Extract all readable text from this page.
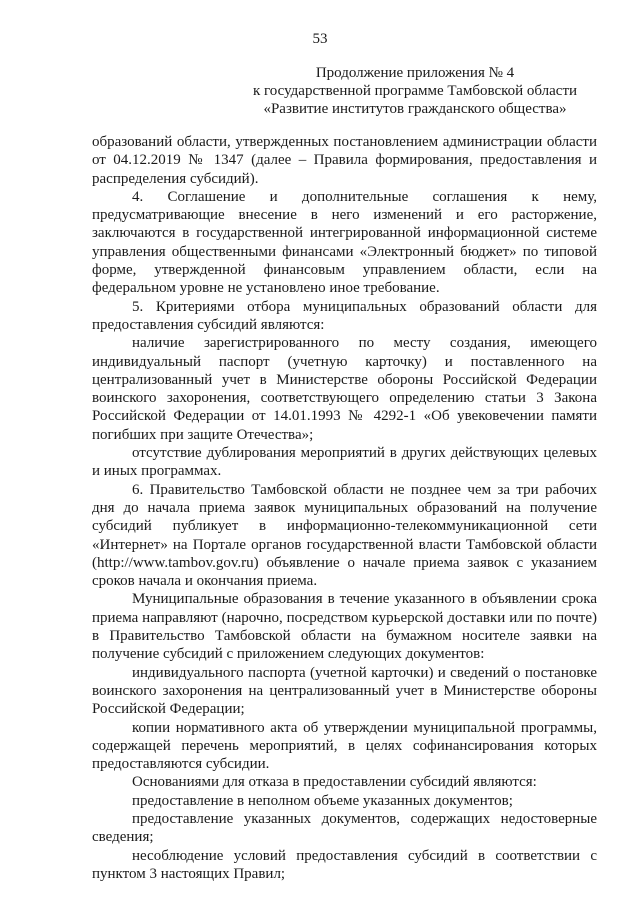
53
Продолжение приложения № 4
к государственной программе Тамбовской области
«Развитие институтов гражданского общества»

образований области, утвержденных постановлением администрации области от 04.12.2019 № 1347 (далее – Правила формирования, предоставления и распределения субсидий).

4. Соглашение и дополнительные соглашения к нему, предусматривающие внесение в него изменений и его расторжение, заключаются в государственной интегрированной информационной системе управления общественными финансами «Электронный бюджет» по типовой форме, утвержденной финансовым управлением области, если на федеральном уровне не установлено иное требование.

5. Критериями отбора муниципальных образований области для предоставления субсидий являются:

наличие зарегистрированного по месту создания, имеющего индивидуальный паспорт (учетную карточку) и поставленного на централизованный учет в Министерстве обороны Российской Федерации воинского захоронения, соответствующего определению статьи 3 Закона Российской Федерации от 14.01.1993 № 4292-1 «Об увековечении памяти погибших при защите Отечества»;

отсутствие дублирования мероприятий в других действующих целевых и иных программах.

6. Правительство Тамбовской области не позднее чем за три рабочих дня до начала приема заявок муниципальных образований на получение субсидий публикует в информационно-телекоммуникационной сети «Интернет» на Портале органов государственной власти Тамбовской области (http://www.tambov.gov.ru) объявление о начале приема заявок с указанием сроков начала и окончания приема.

Муниципальные образования в течение указанного в объявлении срока приема направляют (нарочно, посредством курьерской доставки или по почте) в Правительство Тамбовской области на бумажном носителе заявки на получение субсидий с приложением следующих документов:

индивидуального паспорта (учетной карточки) и сведений о постановке воинского захоронения на централизованный учет в Министерстве обороны Российской Федерации;

копии нормативного акта об утверждении муниципальной программы, содержащей перечень мероприятий, в целях софинансирования которых предоставляются субсидии.

Основаниями для отказа в предоставлении субсидий являются:

предоставление в неполном объеме указанных документов;

предоставление указанных документов, содержащих недостоверные сведения;

несоблюдение условий предоставления субсидий в соответствии с пунктом 3 настоящих Правил;
